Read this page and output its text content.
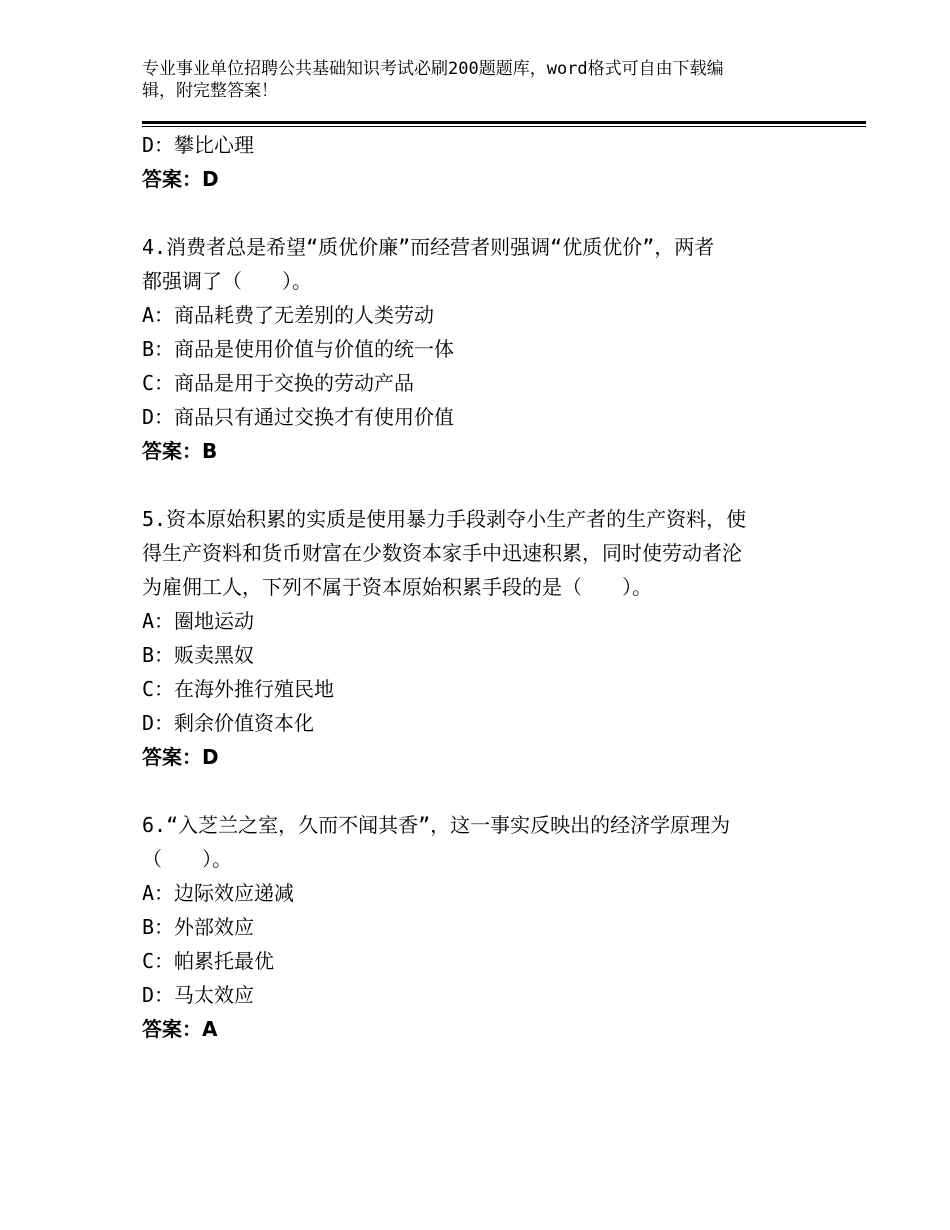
专业事业单位招聘公共基础知识考试必刷200题题库，word格式可自由下载编
辑，附完整答案！
D：攀比心理
答案：D
4.消费者总是希望“质优价廉”而经营者则强调“优质优价”，两者
都强调了（　　）。
A：商品耗费了无差别的人类劳动
B：商品是使用价值与价值的统一体
C：商品是用于交换的劳动产品
D：商品只有通过交换才有使用价值
答案：B
5.资本原始积累的实质是使用暴力手段剥夺小生产者的生产资料，使
得生产资料和货币财富在少数资本家手中迅速积累，同时使劳动者沦
为雇佣工人，下列不属于资本原始积累手段的是（　　）。
A：圈地运动
B：贩卖黑奴
C：在海外推行殖民地
D：剩余价值资本化
答案：D
6.“入芝兰之室，久而不闻其香”，这一事实反映出的经济学原理为
（　　）。
A：边际效应递减
B：外部效应
C：帕累托最优
D：马太效应
答案：A
